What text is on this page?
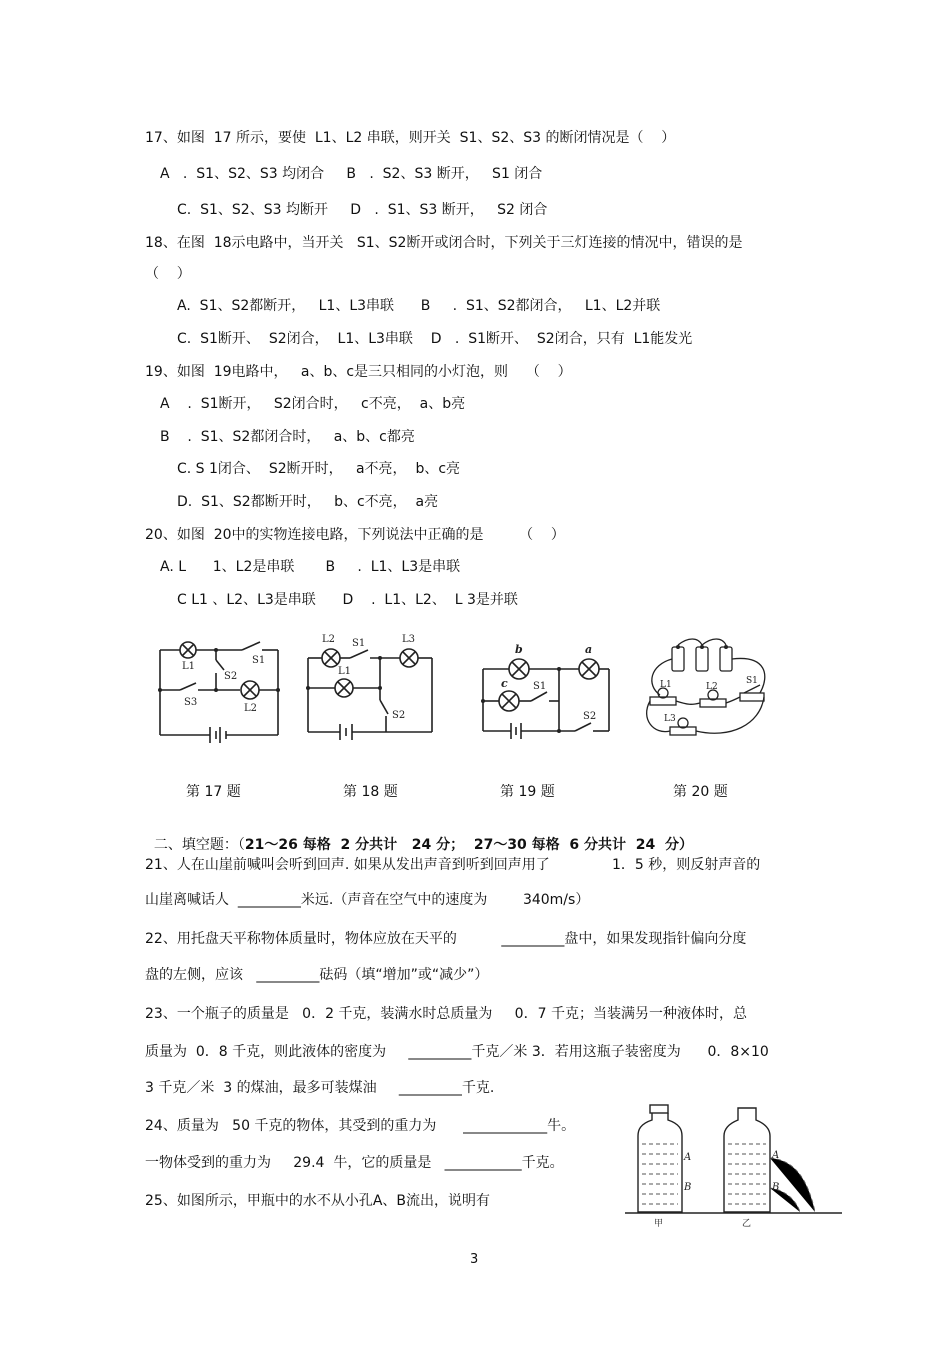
17、如图  17 所示，要使  L1、L2 串联，则开关  S1、S2、S3 的断闭情况是（    ）
A   .  S1、S2、S3 均闭合     B   .  S2、S3 断开，   S1 闭合
C.  S1、S2、S3 均断开     D   .  S1、S3 断开，   S2 闭合
18、在图  18示电路中，当开关   S1、S2断开或闭合时，下列关于三灯连接的情况中，错误的是
（    ）
A.  S1、S2都断开，   L1、L3串联      B     .  S1、S2都闭合，   L1、L2并联
C.  S1断开、  S2闭合，  L1、L3串联    D   .  S1断开、  S2闭合，只有  L1能发光
19、如图  19电路中，   a、b、c是三只相同的小灯泡，则    （    ）
A    .  S1断开，   S2闭合时，   c不亮，  a、b亮
B    .  S1、S2都闭合时，   a、b、c都亮
C. S 1闭合、  S2断开时，   a不亮，  b、c亮
D.  S1、S2都断开时，   b、c不亮，  a亮
20、如图  20中的实物连接电路，下列说法中正确的是        （    ）
A. L      1、L2是串联       B     .  L1、L3是串联
C L1 、L2、L3是串联      D    .  L1、L2、  L 3是并联
L1
S1
S2
S3
L2
L2 S1	L3
L1
S2
b	a
c	S1
S2
L1	L2
L3
S1
第 17 题	第 18 题	第 19 题	第 20 题

二、填空题：（21～26 每格  2 分共计   24 分；  27～30 每格  6 分共计  24  分）

21、人在山崖前喊叫会听到回声. 如果从发出声音到听到回声用了              1．5 秒，则反射声音的
山崖离喊话人  _________米远.（声音在空气中的速度为        340m/s）
22、用托盘天平称物体质量时，物体应放在天平的          _________盘中，如果发现指针偏向分度
盘的左侧，应该   _________砝码（填“增加”或“减少”）
23、一个瓶子的质量是   0．2 千克，装满水时总质量为     0．7 千克；当装满另一种液体时，总
质量为  0．8 千克，则此液体的密度为     _________千克／米 3．若用这瓶子装密度为      0．8×10
3 千克／米  3 的煤油，最多可装煤油     _________千克.
24、质量为   50 千克的物体，其受到的重力为      ____________牛。
一物体受到的重力为     29.4  牛，它的质量是   ___________千克。
25、如图所示，甲瓶中的水不从小孔A、B流出，说明有
A
B
A
B
甲	乙
3
